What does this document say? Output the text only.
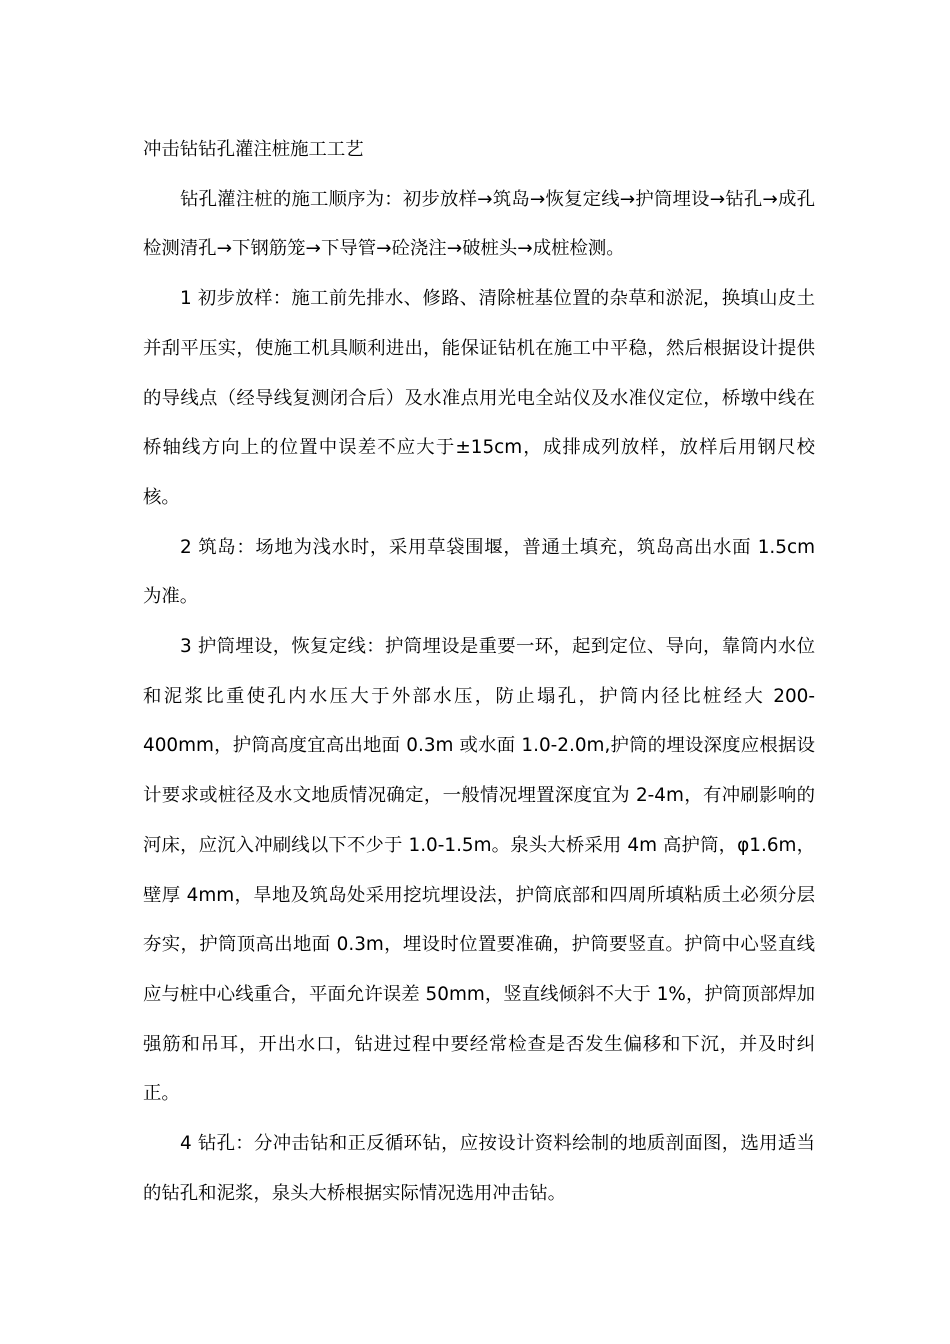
冲击钻钻孔灌注桩施工工艺

钻孔灌注桩的施工顺序为：初步放样→筑岛→恢复定线→护筒埋设→钻孔→成孔检测清孔→下钢筋笼→下导管→砼浇注→破桩头→成桩检测。

1 初步放样：施工前先排水、修路、清除桩基位置的杂草和淤泥，换填山皮土并刮平压实，使施工机具顺利进出，能保证钻机在施工中平稳，然后根据设计提供的导线点（经导线复测闭合后）及水准点用光电全站仪及水准仪定位，桥墩中线在桥轴线方向上的位置中误差不应大于±15cm，成排成列放样，放样后用钢尺校核。

2 筑岛：场地为浅水时，采用草袋围堰，普通土填充，筑岛高出水面 1.5cm 为准。

3 护筒埋设，恢复定线：护筒埋设是重要一环，起到定位、导向，靠筒内水位和泥浆比重使孔内水压大于外部水压，防止塌孔，护筒内径比桩经大 200-400mm，护筒高度宜高出地面 0.3m 或水面 1.0-2.0m,护筒的埋设深度应根据设计要求或桩径及水文地质情况确定，一般情况埋置深度宜为 2-4m，有冲刷影响的河床，应沉入冲刷线以下不少于 1.0-1.5m。泉头大桥采用 4m 高护筒，φ1.6m，壁厚 4mm，旱地及筑岛处采用挖坑埋设法，护筒底部和四周所填粘质土必须分层夯实，护筒顶高出地面 0.3m，埋设时位置要准确，护筒要竖直。护筒中心竖直线应与桩中心线重合，平面允许误差 50mm，竖直线倾斜不大于 1%，护筒顶部焊加强筋和吊耳，开出水口，钻进过程中要经常检查是否发生偏移和下沉，并及时纠正。

4 钻孔：分冲击钻和正反循环钻，应按设计资料绘制的地质剖面图，选用适当的钻孔和泥浆，泉头大桥根据实际情况选用冲击钻。
